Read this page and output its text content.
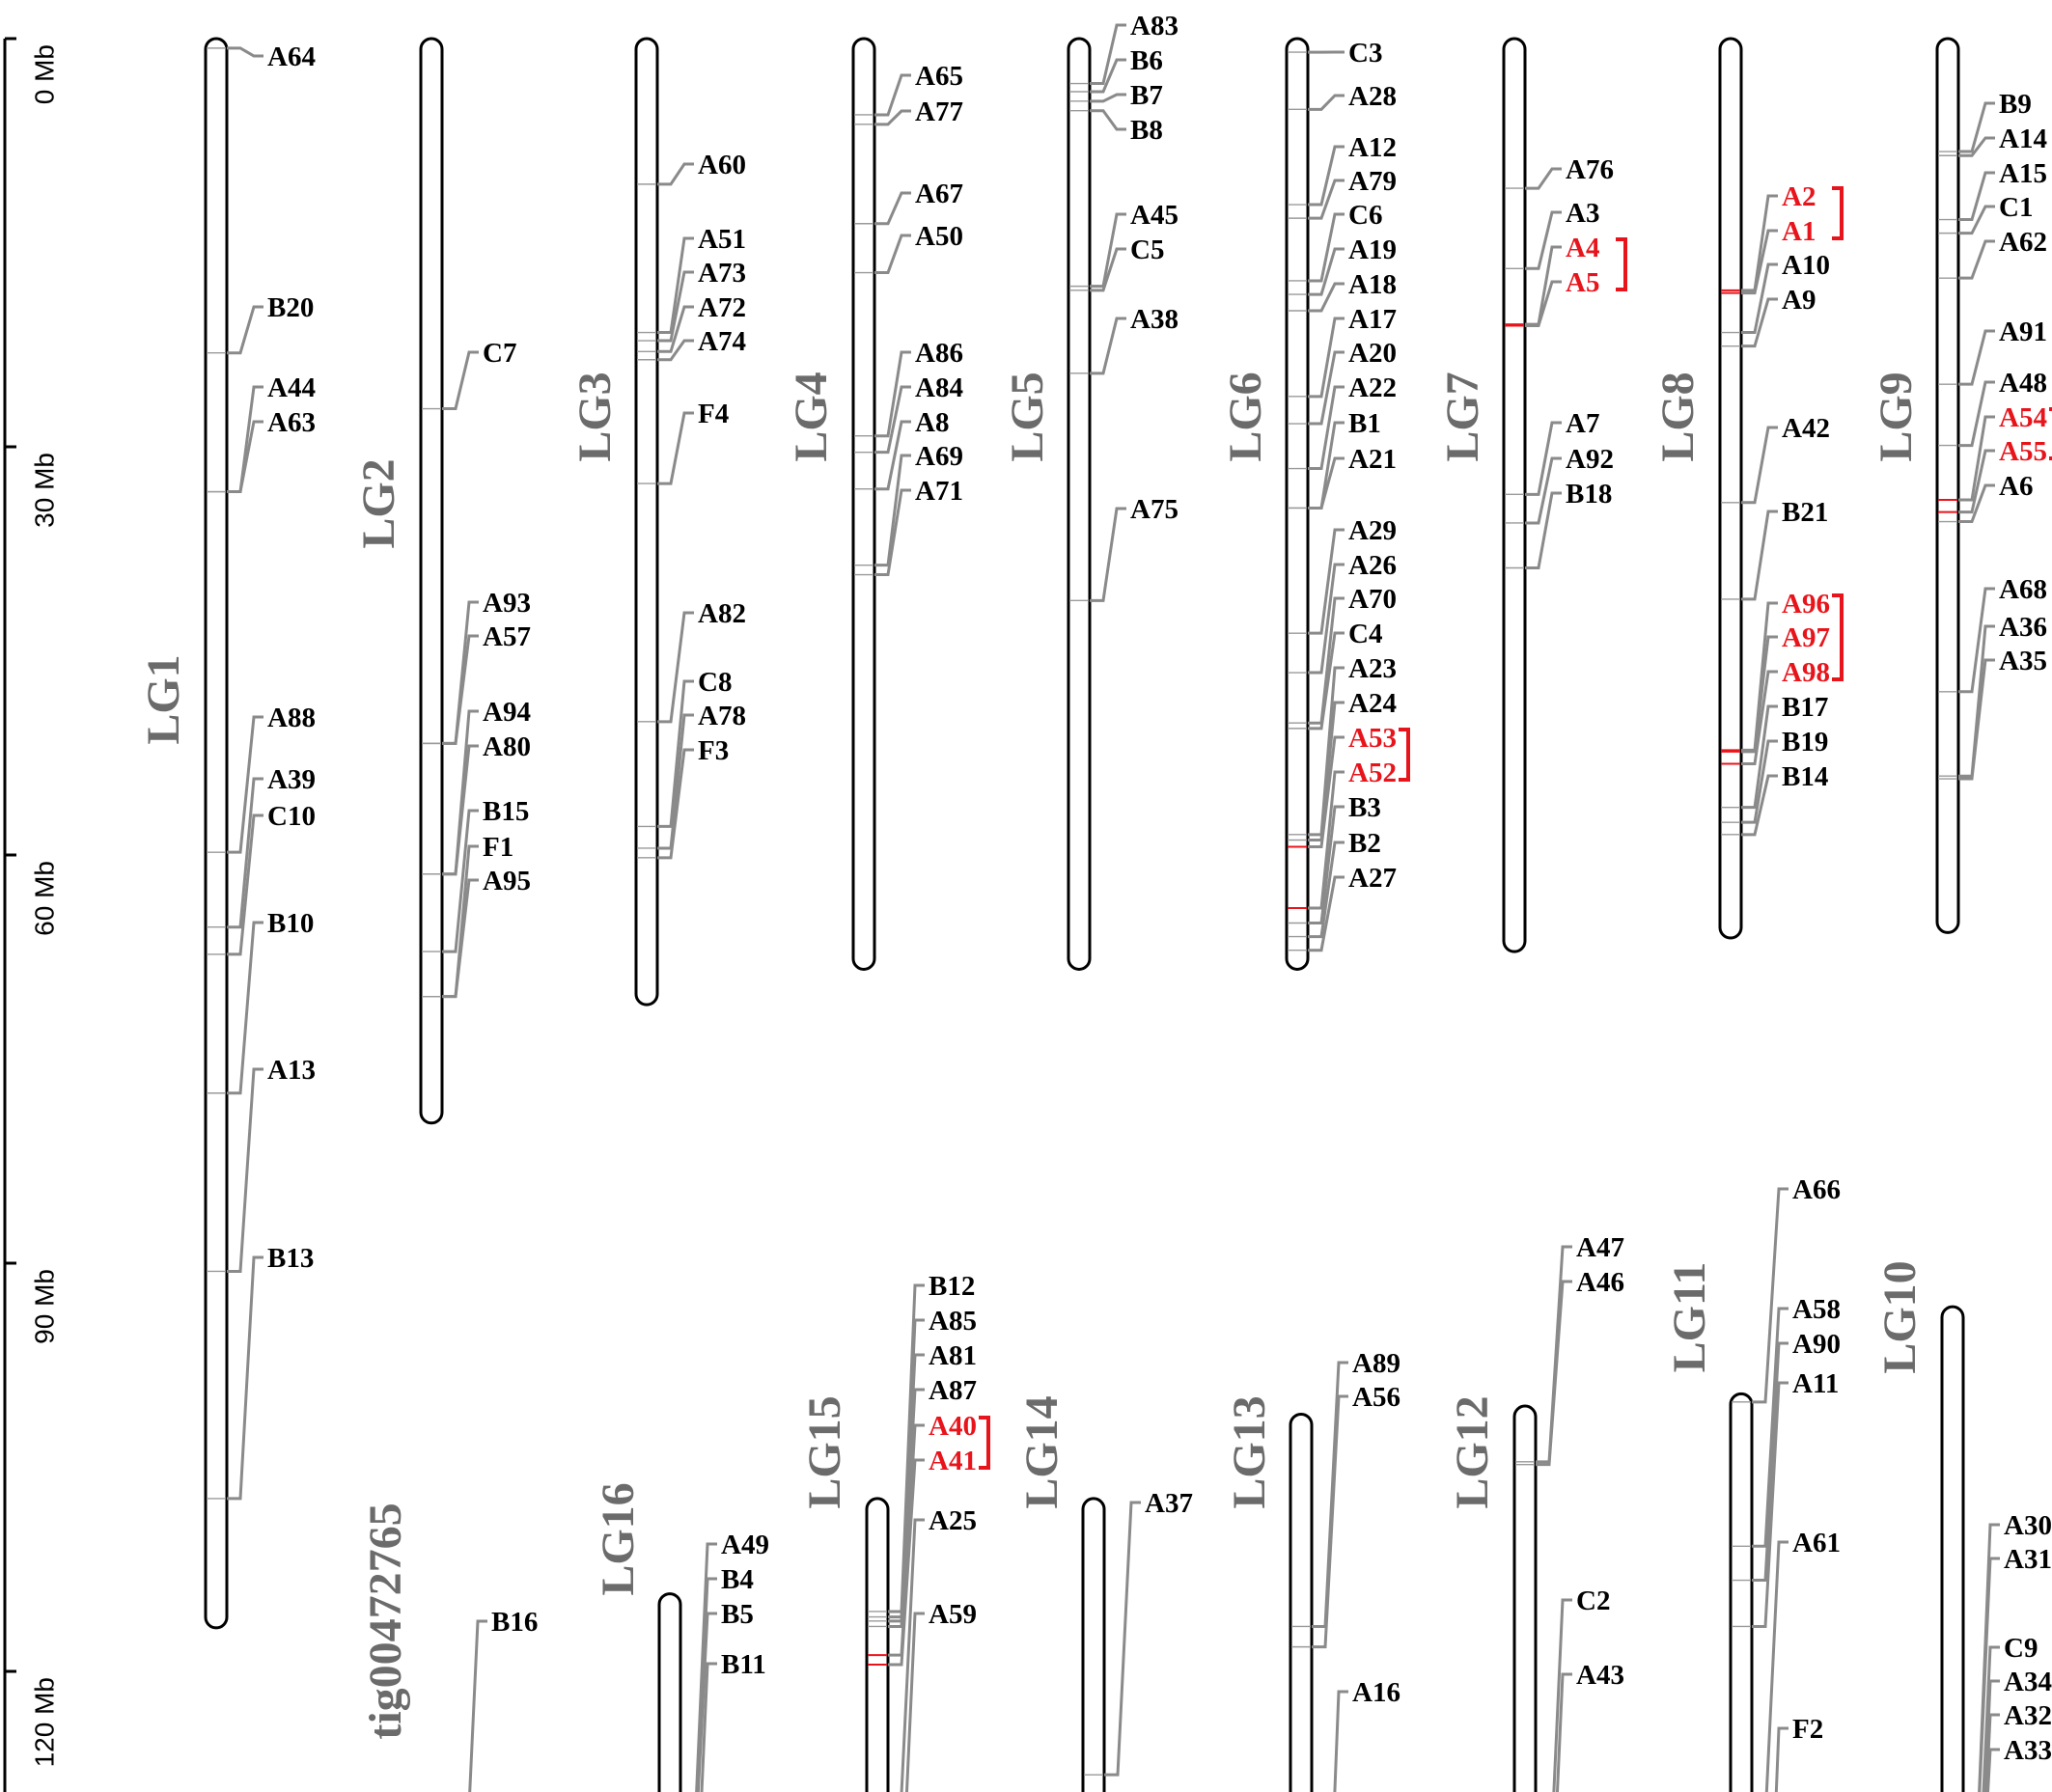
0 Mb
30 Mb
60 Mb
90 Mb
120 Mb
LG1
A64
B20
A44
A63
A88
A39
C10
B10
A13
B13
LG2
C7
A93
A57
A94
A80
B15
F1
A95
LG3
A60
A51
A73
A72
A74
F4
A82
C8
A78
F3
LG4
A65
A77
A67
A50
A86
A84
A8
A69
A71
LG5
A83
B6
B7
B8
A45
C5
A38
A75
LG6
C3
A28
A12
A79
C6
A19
A18
A17
A20
A22
B1
A21
A29
A26
A70
C4
A23
A24
A53
A52
B3
B2
A27
LG7
A76
A3
A4
A5
A7
A92
B18
LG8
A2
A1
A10
A9
A42
B21
A96
A97
A98
B17
B19
B14
LG9
B9
A14
A15
C1
A62
A91
A48
A54
A55
A6
A68
A36
A35
LG10
A30
A31
C9
A34
A32
A33
LG11
A66
A58
A90
A11
A61
F2
LG12
A47
A46
C2
A43
LG13
A89
A56
A16
LG14	A37
LG15
B12
A85
A81
A87
A40
A41
A25
A59
LG16	A49
B4
B5
B11
tig00472765	B16
